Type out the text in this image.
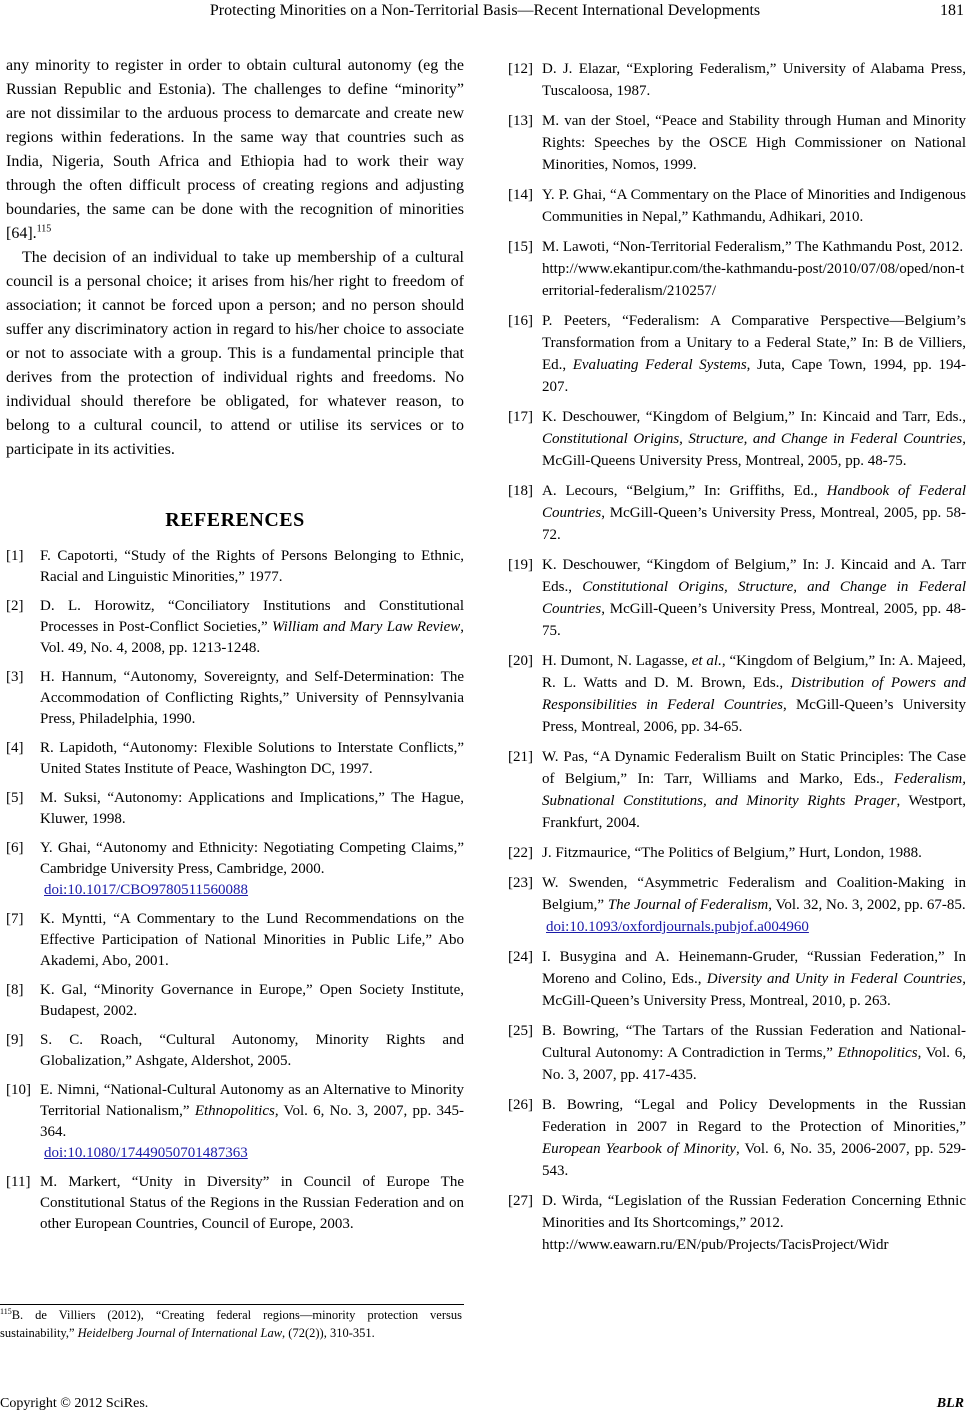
Protecting Minorities on a Non-Territorial Basis—Recent International Developments	181

any minority to register in order to obtain cultural autonomy (eg the Russian Republic and Estonia). The challenges to define “minority” are not dissimilar to the arduous process to demarcate and create new regions within federations. In the same way that countries such as India, Nigeria, South Africa and Ethiopia had to work their way through the often difficult process of creating regions and adjusting boundaries, the same can be done with the recognition of minorities [64].$^{115}$

The decision of an individual to take up membership of a cultural council is a personal choice; it arises from his/her right to freedom of association; it cannot be forced upon a person; and no person should suffer any discriminatory action in regard to his/her choice to associate or not to associate with a group. This is a fundamental principle that derives from the protection of individual rights and freedoms. No individual should therefore be obligated, for whatever reason, to belong to a cultural council, to attend or utilise its services or to participate in its activities.

REFERENCES
[1] F. Capotorti, “Study of the Rights of Persons Belonging to Ethnic, Racial and Linguistic Minorities,” 1977.
[2] D. L. Horowitz, “Conciliatory Institutions and Constitutional Processes in Post-Conflict Societies,” William and Mary Law Review, Vol. 49, No. 4, 2008, pp. 1213-1248.
[3] H. Hannum, “Autonomy, Sovereignty, and Self-Determination: The Accommodation of Conflicting Rights,” University of Pennsylvania Press, Philadelphia, 1990.
[4] R. Lapidoth, “Autonomy: Flexible Solutions to Interstate Conflicts,” United States Institute of Peace, Washington DC, 1997.
[5] M. Suksi, “Autonomy: Applications and Implications,” The Hague, Kluwer, 1998.
[6] Y. Ghai, “Autonomy and Ethnicity: Negotiating Competing Claims,” Cambridge University Press, Cambridge, 2000.
doi:10.1017/CBO9780511560088
[7] K. Myntti, “A Commentary to the Lund Recommendations on the Effective Participation of National Minorities in Public Life,” Abo Akademi, Abo, 2001.
[8] K. Gal, “Minority Governance in Europe,” Open Society Institute, Budapest, 2002.
[9] S. C. Roach, “Cultural Autonomy, Minority Rights and Globalization,” Ashgate, Aldershot, 2005.
[10] E. Nimni, “National-Cultural Autonomy as an Alternative to Minority Territorial Nationalism,” Ethnopolitics, Vol. 6, No. 3, 2007, pp. 345-364.
doi:10.1080/17449050701487363
[11] M. Markert, “Unity in Diversity” in Council of Europe The Constitutional Status of the Regions in the Russian Federation and on other European Countries, Council of Europe, 2003.
$^{115}$B. de Villiers (2012), “Creating federal regions—minority protection versus sustainability,” Heidelberg Journal of International Law, (72(2)), 310-351.
[12] D. J. Elazar, “Exploring Federalism,” University of Alabama Press, Tuscaloosa, 1987.
[13] M. van der Stoel, “Peace and Stability through Human and Minority Rights: Speeches by the OSCE High Commissioner on National Minorities, Nomos, 1999.
[14] Y. P. Ghai, “A Commentary on the Place of Minorities and Indigenous Communities in Nepal,” Kathmandu, Adhikari, 2010.
[15] M. Lawoti, “Non-Territorial Federalism,” The Kathmandu Post, 2012.
http://www.ekantipur.com/the-kathmandu-post/2010/07/08/oped/non-territorial-federalism/210257/
[16] P. Peeters, “Federalism: A Comparative Perspective—Belgium’s Transformation from a Unitary to a Federal State,” In: B de Villiers, Ed., Evaluating Federal Systems, Juta, Cape Town, 1994, pp. 194-207.
[17] K. Deschouwer, “Kingdom of Belgium,” In: Kincaid and Tarr, Eds., Constitutional Origins, Structure, and Change in Federal Countries, McGill-Queens University Press, Montreal, 2005, pp. 48-75.
[18] A. Lecours, “Belgium,” In: Griffiths, Ed., Handbook of Federal Countries, McGill-Queen’s University Press, Montreal, 2005, pp. 58-72.
[19] K. Deschouwer, “Kingdom of Belgium,” In: J. Kincaid and A. Tarr Eds., Constitutional Origins, Structure, and Change in Federal Countries, McGill-Queen’s University Press, Montreal, 2005, pp. 48-75.
[20] H. Dumont, N. Lagasse, et al., “Kingdom of Belgium,” In: A. Majeed, R. L. Watts and D. M. Brown, Eds., Distribution of Powers and Responsibilities in Federal Countries, McGill-Queen’s University Press, Montreal, 2006, pp. 34-65.
[21] W. Pas, “A Dynamic Federalism Built on Static Principles: The Case of Belgium,” In: Tarr, Williams and Marko, Eds., Federalism, Subnational Constitutions, and Minority Rights Prager, Westport, Frankfurt, 2004.
[22] J. Fitzmaurice, “The Politics of Belgium,” Hurt, London, 1988.
[23] W. Swenden, “Asymmetric Federalism and Coalition-Making in Belgium,” The Journal of Federalism, Vol. 32, No. 3, 2002, pp. 67-85.
doi:10.1093/oxfordjournals.pubjof.a004960
[24] I. Busygina and A. Heinemann-Gruder, “Russian Federation,” In Moreno and Colino, Eds., Diversity and Unity in Federal Countries, McGill-Queen’s University Press, Montreal, 2010, p. 263.
[25] B. Bowring, “The Tartars of the Russian Federation and National-Cultural Autonomy: A Contradiction in Terms,” Ethnopolitics, Vol. 6, No. 3, 2007, pp. 417-435.
[26] B. Bowring, “Legal and Policy Developments in the Russian Federation in 2007 in Regard to the Protection of Minorities,” European Yearbook of Minority, Vol. 6, No. 35, 2006-2007, pp. 529-543.
[27] D. Wirda, “Legislation of the Russian Federation Concerning Ethnic Minorities and Its Shortcomings,” 2012.
http://www.eawarn.ru/EN/pub/Projects/TacisProject/Widr
Copyright © 2012 SciRes.	BLR
